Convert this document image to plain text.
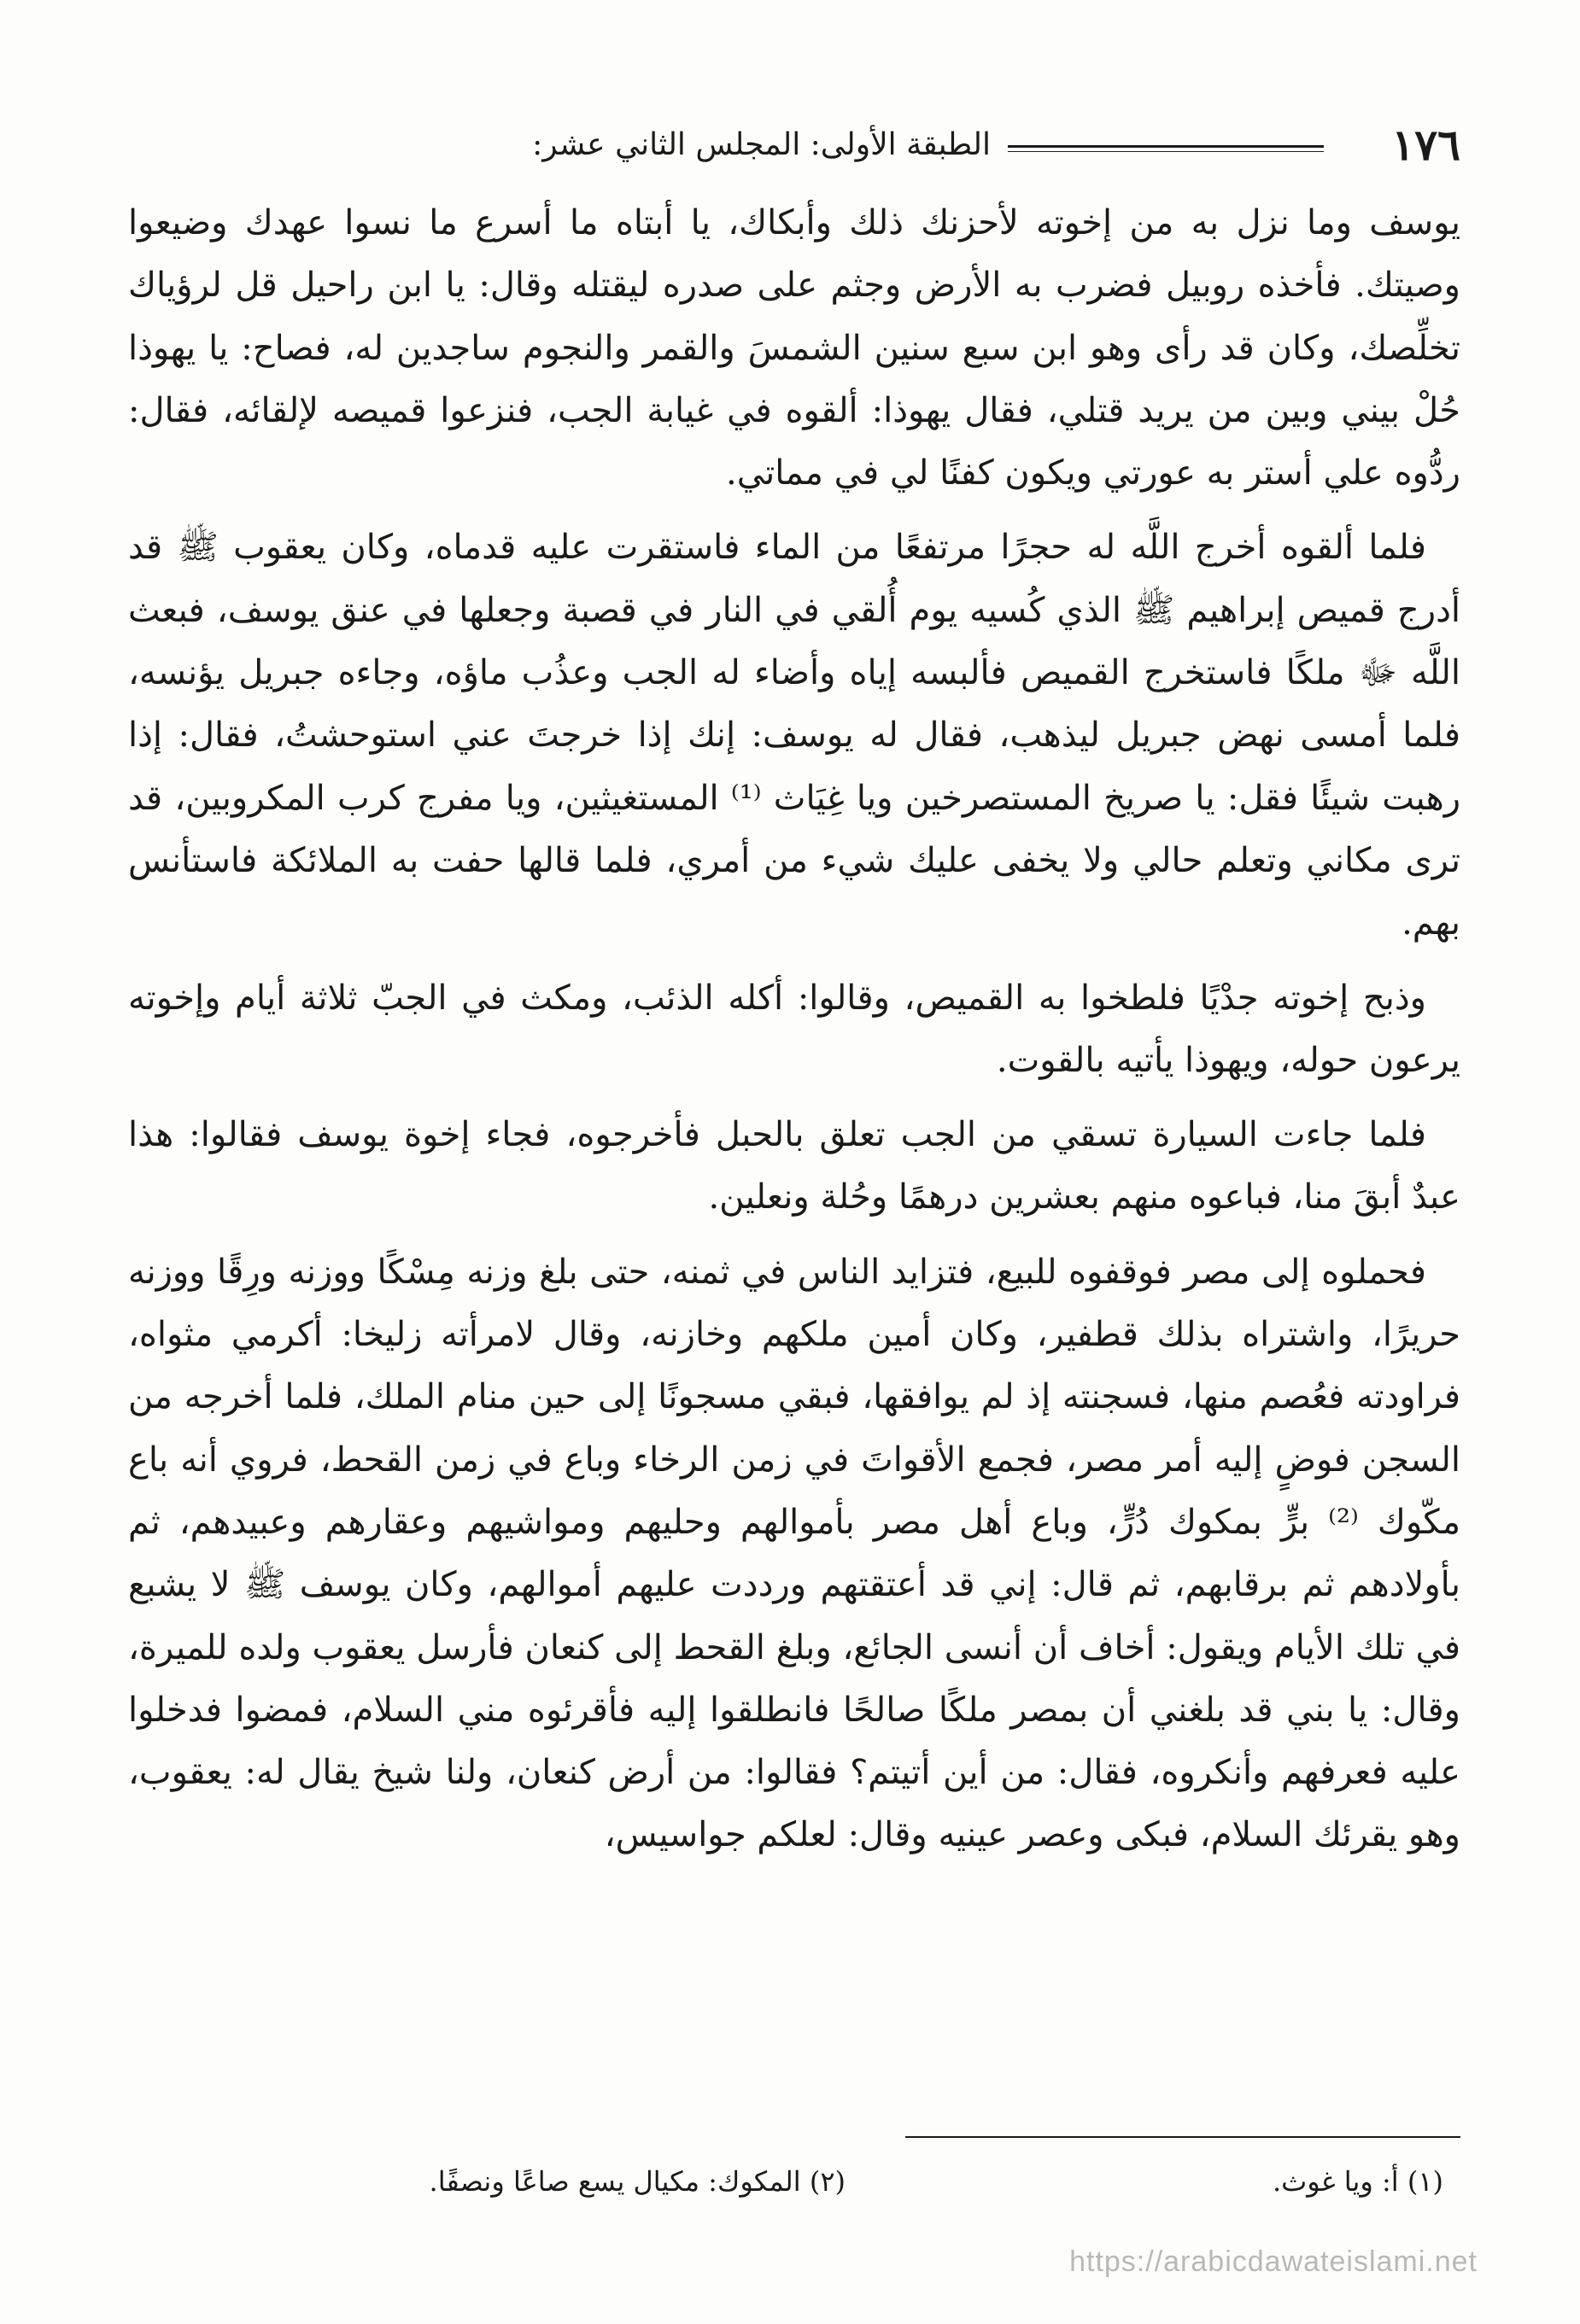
١٧٦
الطبقة الأولى: المجلس الثاني عشر:

يوسف وما نزل به من إخوته لأحزنك ذلك وأبكاك، يا أبتاه ما أسرع ما نسوا عهدك وضيعوا وصيتك. فأخذه روبيل فضرب به الأرض وجثم على صدره ليقتله وقال: يا ابن راحيل قل لرؤياك تخلِّصك، وكان قد رأى وهو ابن سبع سنين الشمسَ والقمر والنجوم ساجدين له، فصاح: يا يهوذا حُلْ بيني وبين من يريد قتلي، فقال يهوذا: ألقوه في غيابة الجب، فنزعوا قميصه لإلقائه، فقال: ردُّوه علي أستر به عورتي ويكون كفنًا لي في مماتي.

فلما ألقوه أخرج اللَّه له حجرًا مرتفعًا من الماء فاستقرت عليه قدماه، وكان يعقوب ﷺ قد أدرج قميص إبراهيم ﷺ الذي كُسيه يوم أُلقي في النار في قصبة وجعلها في عنق يوسف، فبعث اللَّه ﷻ ملكًا فاستخرج القميص فألبسه إياه وأضاء له الجب وعذُب ماؤه، وجاءه جبريل يؤنسه، فلما أمسى نهض جبريل ليذهب، فقال له يوسف: إنك إذا خرجتَ عني استوحشتُ، فقال: إذا رهبت شيئًا فقل: يا صريخ المستصرخين ويا غِيَاث ⁽¹⁾ المستغيثين، ويا مفرج كرب المكروبين، قد ترى مكاني وتعلم حالي ولا يخفى عليك شيء من أمري، فلما قالها حفت به الملائكة فاستأنس بهم.

وذبح إخوته جدْيًا فلطخوا به القميص، وقالوا: أكله الذئب، ومكث في الجبّ ثلاثة أيام وإخوته يرعون حوله، ويهوذا يأتيه بالقوت.

فلما جاءت السيارة تسقي من الجب تعلق بالحبل فأخرجوه، فجاء إخوة يوسف فقالوا: هذا عبدٌ أبقَ منا، فباعوه منهم بعشرين درهمًا وحُلة ونعلين.

فحملوه إلى مصر فوقفوه للبيع، فتزايد الناس في ثمنه، حتى بلغ وزنه مِسْكًا ووزنه ورِقًا ووزنه حريرًا، واشتراه بذلك قطفير، وكان أمين ملكهم وخازنه، وقال لامرأته زليخا: أكرمي مثواه، فراودته فعُصم منها، فسجنته إذ لم يوافقها، فبقي مسجونًا إلى حين منام الملك، فلما أخرجه من السجن فوضٍ إليه أمر مصر، فجمع الأقواتَ في زمن الرخاء وباع في زمن القحط، فروي أنه باع مكّوك ⁽²⁾ برٍّ بمكوك دُرٍّ، وباع أهل مصر بأموالهم وحليهم ومواشيهم وعقارهم وعبيدهم، ثم بأولادهم ثم برقابهم، ثم قال: إني قد أعتقتهم ورددت عليهم أموالهم، وكان يوسف ﷺ لا يشبع في تلك الأيام ويقول: أخاف أن أنسى الجائع، وبلغ القحط إلى كنعان فأرسل يعقوب ولده للميرة، وقال: يا بني قد بلغني أن بمصر ملكًا صالحًا فانطلقوا إليه فأقرئوه مني السلام، فمضوا فدخلوا عليه فعرفهم وأنكروه، فقال: من أين أتيتم؟ فقالوا: من أرض كنعان، ولنا شيخ يقال له: يعقوب، وهو يقرئك السلام، فبكى وعصر عينيه وقال: لعلكم جواسيس،

(١) أ: ويا غوث.
(٢) المكوك: مكيال يسع صاعًا ونصفًا.
https://arabicdawateislami.net
